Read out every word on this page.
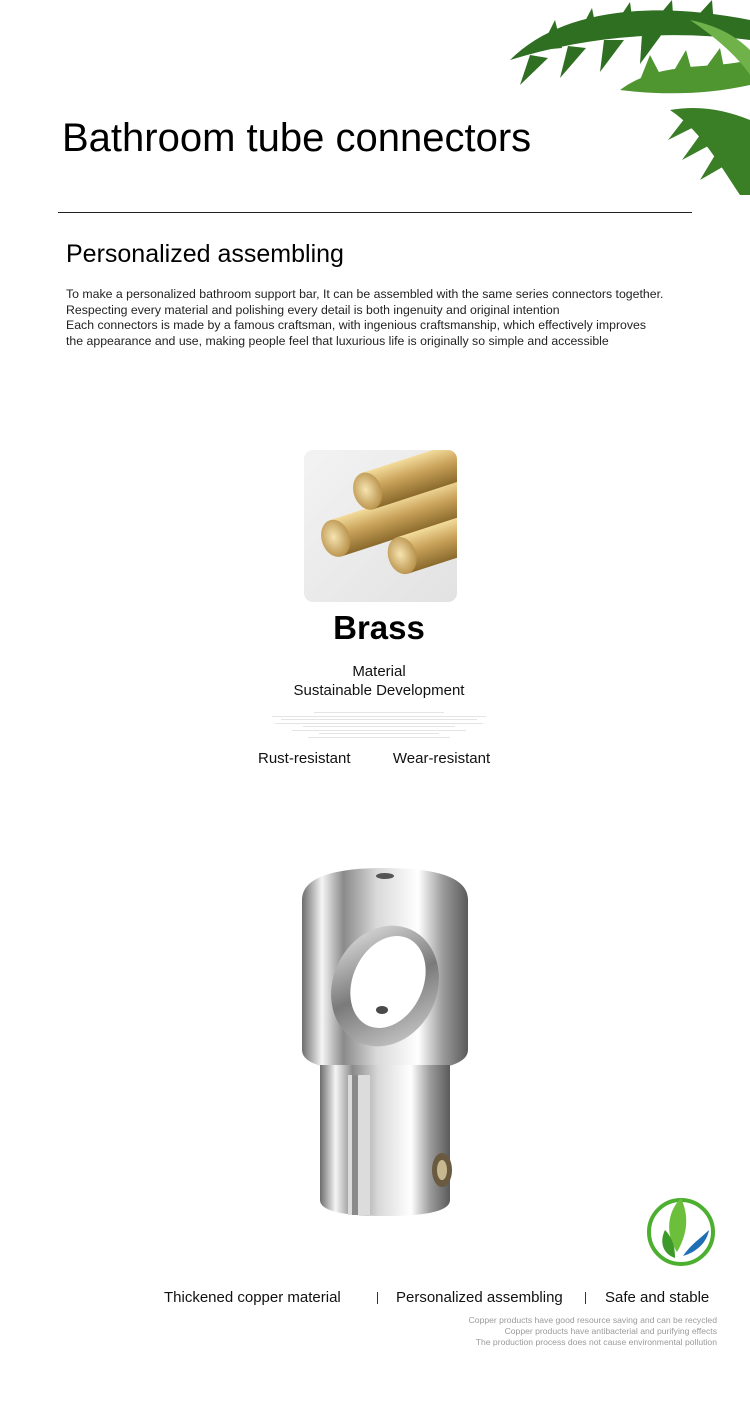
Bathroom tube connectors
Personalized assembling
To make a personalized bathroom support bar, It can be assembled with the same series connectors together.
Respecting every material and polishing every detail is both ingenuity and original intention
Each connectors is made by a famous craftsman, with ingenious craftsmanship, which effectively improves
the appearance and use, making people feel that luxurious life is originally so simple and accessible
Brass
Material
Sustainable Development
Rust-resistant	Wear-resistant
Thickened copper material	Personalized assembling	Safe and stable
Copper products have good resource saving and can be recycled
Copper products have antibacterial and purifying effects
The production process does not cause environmental pollution
